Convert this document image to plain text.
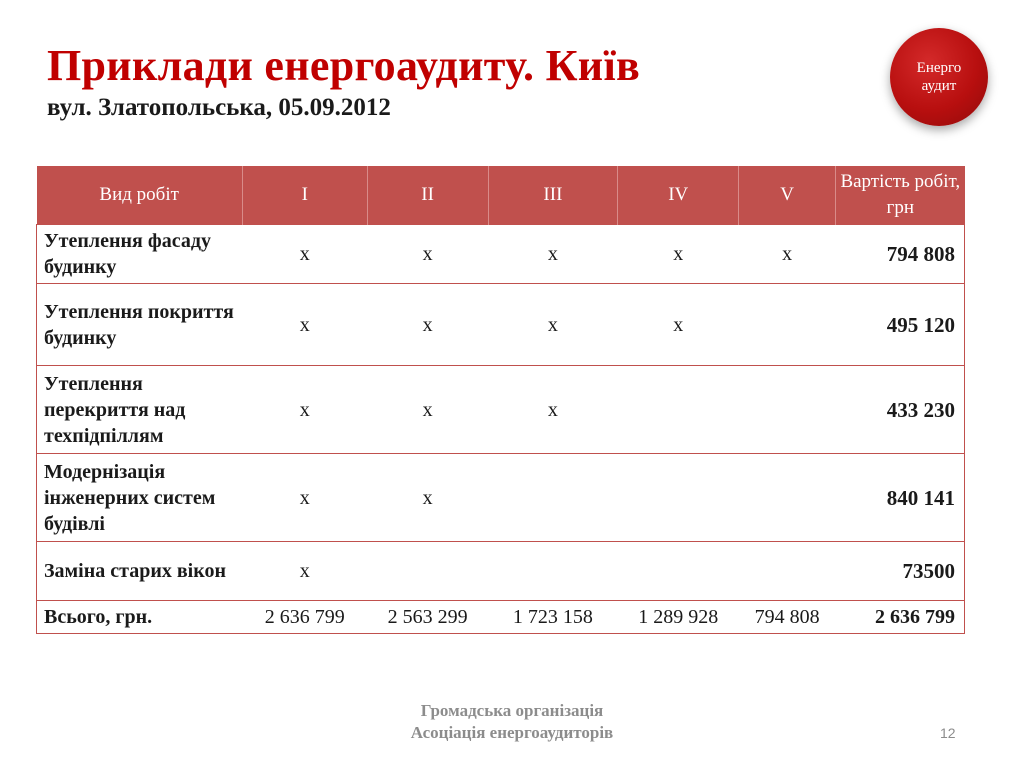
Приклади енергоаудиту. Київ
вул. Златопольська, 05.09.2012
Енерго
аудит
Вид робіт	I	II	III	IV	V	Вартість робіт, грн
Утеплення фасаду будинку	x	x	x	x	x	794 808
Утеплення покриття будинку	x	x	x	x		495 120
Утеплення перекриття над техпідпіллям	x	x	x			433 230
Модернізація інженерних систем будівлі	x	x				840 141
Заміна старих вікон	x					73500
Всього, грн.	2 636 799	2 563 299	1 723 158	1 289 928	794 808	2 636 799
Громадська організація
Асоціація енергоаудиторів	12
